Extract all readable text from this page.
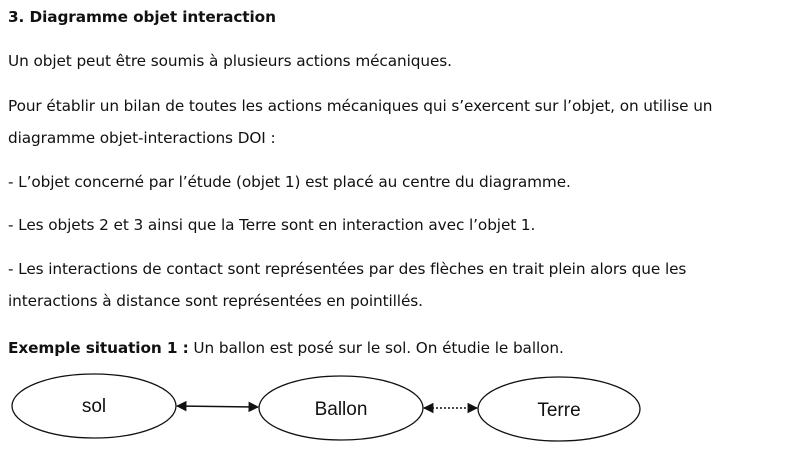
3. Diagramme objet interaction
Un objet peut être soumis à plusieurs actions mécaniques.
Pour établir un bilan de toutes les actions mécaniques qui s’exercent sur l’objet, on utilise un
diagramme objet-interactions DOI :
- L’objet concerné par l’étude (objet 1) est placé au centre du diagramme.
- Les objets 2 et 3 ainsi que la Terre sont en interaction avec l’objet 1.
- Les interactions de contact sont représentées par des flèches en trait plein alors que les
interactions à distance sont représentées en pointillés.
Exemple situation 1 : Un ballon est posé sur le sol. On étudie le ballon.
sol	Ballon	Terre
